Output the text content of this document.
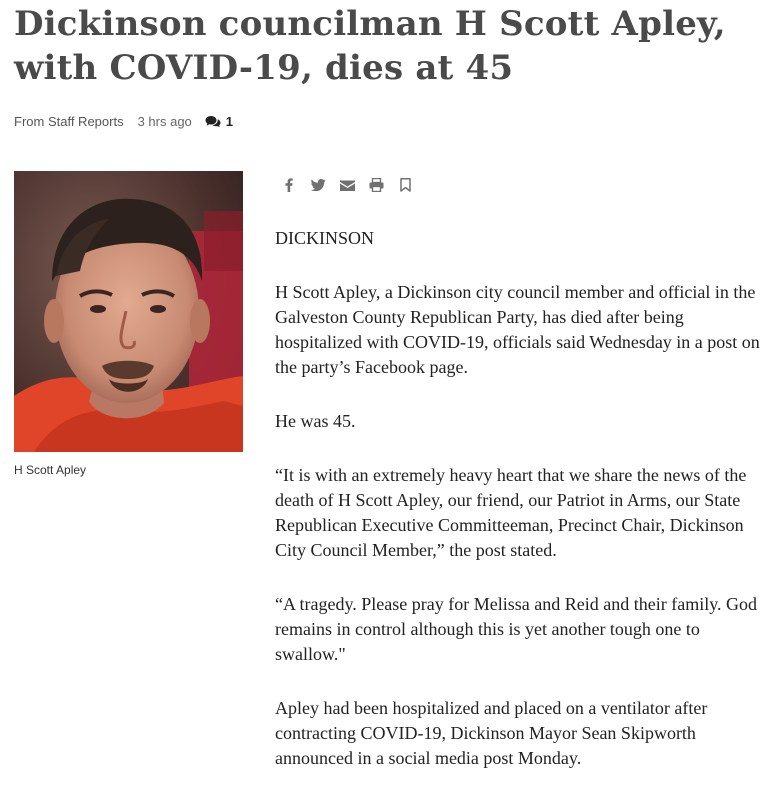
Dickinson councilman H Scott Apley, with COVID-19, dies at 45
From Staff Reports 3 hrs ago	1
H Scott Apley

DICKINSON

H Scott Apley, a Dickinson city council member and official in the Galveston County Republican Party, has died after being hospitalized with COVID-19, officials said Wednesday in a post on the party’s Facebook page.

He was 45.

“It is with an extremely heavy heart that we share the news of the death of H Scott Apley, our friend, our Patriot in Arms, our State Republican Executive Committeeman, Precinct Chair, Dickinson City Council Member,” the post stated.

“A tragedy. Please pray for Melissa and Reid and their family. God remains in control although this is yet another tough one to swallow."

Apley had been hospitalized and placed on a ventilator after contracting COVID-19, Dickinson Mayor Sean Skipworth announced in a social media post Monday.
